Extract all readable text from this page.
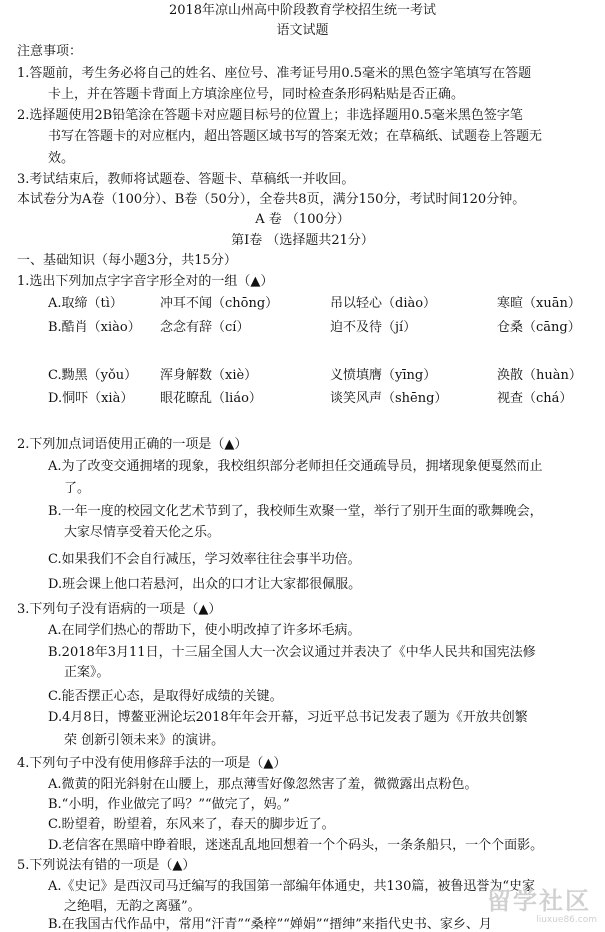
2018年凉山州高中阶段教育学校招生统一考试
语文试题
注意事项：
1.答题前，考生务必将自己的姓名、座位号、准考证号用0.5毫米的黑色签字笔填写在答题
卡上，并在答题卡背面上方填涂座位号，同时检查条形码粘贴是否正确。
2.选择题使用2B铅笔涂在答题卡对应题目标号的位置上；非选择题用0.5毫米黑色签字笔
书写在答题卡的对应框内，超出答题区域书写的答案无效；在草稿纸、试题卷上答题无
效。
3.考试结束后，教师将试题卷、答题卡、草稿纸一并收回。
本试卷分为A卷（100分）、B卷（50分），全卷共8页，满分150分，考试时间120分钟。
A 卷 （100分）
第Ⅰ卷 （选择题共21分）
一、基础知识（每小题3分，共15分）
1.选出下列加点字字音字形全对的一组（▲）
A.取缔（tì）	冲耳不闻（chōng）	吊以轻心（diào）	寒暄（xuān）
B.酷肖（xiào） 念念有辞（cí）	迫不及待（jí）	仓桑（cāng）
C.黝黑（yǒu） 浑身解数（xiè）	义愤填膺（yīng）	涣散（huàn）
D.恫吓（xià） 眼花瞭乱（liáo）	谈笑风声（shēng）	视查（chá）
2.下列加点词语使用正确的一项是（▲）
A.为了改变交通拥堵的现象，我校组织部分老师担任交通疏导员，拥堵现象便戛然而止
了。
B.一年一度的校园文化艺术节到了，我校师生欢聚一堂，举行了别开生面的歌舞晚会，
大家尽情享受着天伦之乐。
C.如果我们不会自行减压，学习效率往往会事半功倍。
D.班会课上他口若悬河，出众的口才让大家都很佩服。
3.下列句子没有语病的一项是（▲）
A.在同学们热心的帮助下，使小明改掉了许多坏毛病。
B.2018年3月11日，十三届全国人大一次会议通过并表决了《中华人民共和国宪法修
正案》。
C.能否摆正心态，是取得好成绩的关键。
D.4月8日，博鳌亚洲论坛2018年年会开幕，习近平总书记发表了题为《开放共创繁
荣 创新引领未来》的演讲。
4.下列句子中没有使用修辞手法的一项是（▲）
A.微黄的阳光斜射在山腰上，那点薄雪好像忽然害了羞，微微露出点粉色。
B.“小明，作业做完了吗？”“做完了，妈。”
C.盼望着，盼望着，东风来了，春天的脚步近了。
D.老信客在黑暗中睁着眼，迷迷乱乱地回想着一个个码头，一条条船只，一个个面影。
5.下列说法有错的一项是（▲）
A.《史记》是西汉司马迁编写的我国第一部编年体通史，共130篇，被鲁迅誉为“史家
之绝唱，无韵之离骚”。
B.在我国古代作品中，常用“汗青”“桑梓”“婵娟”“搢绅”来指代史书、家乡、月
留学社区
liuxue86.com
